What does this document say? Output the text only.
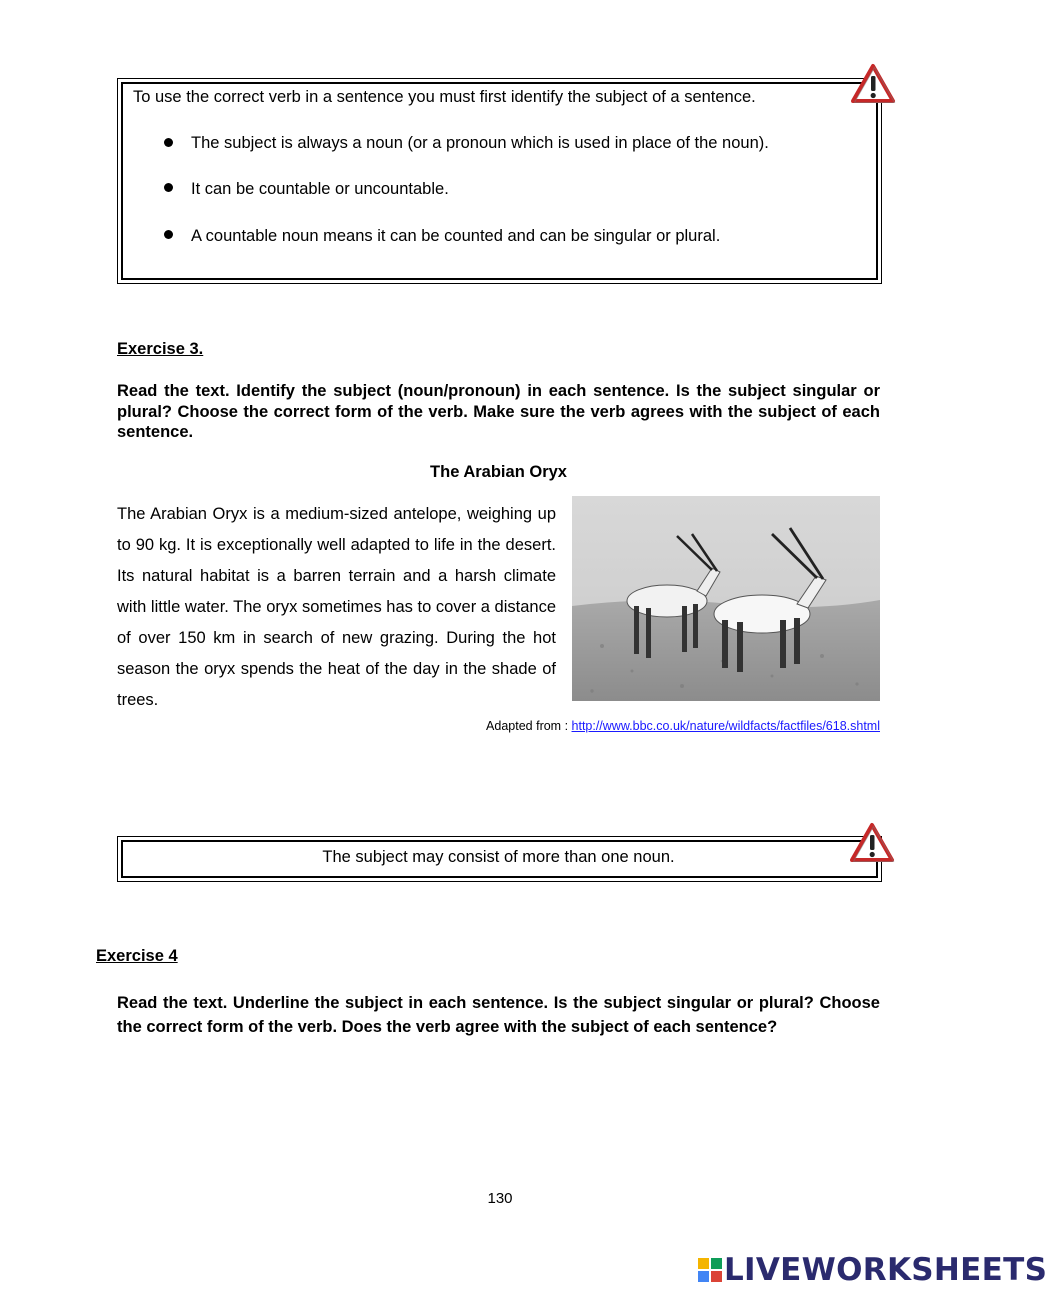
To use the correct verb in a sentence you must first identify the subject of a sentence.
The subject is always a noun (or a pronoun which is used in place of the noun).
It can be countable or uncountable.
A countable noun means it can be counted and can be singular or plural.
Exercise 3.
Read the text. Identify the subject (noun/pronoun) in each sentence. Is the subject singular or plural? Choose the correct form of the verb. Make sure the verb agrees with the subject of each sentence.
The Arabian Oryx
The Arabian Oryx is a medium-sized antelope, weighing up to 90 kg. It is exceptionally well adapted to life in the desert. Its natural habitat is a barren terrain and a harsh climate with little water. The oryx sometimes has to cover a distance of over 150 km in search of new grazing. During the hot season the oryx spends the heat of the day in the shade of trees.
Adapted from : http://www.bbc.co.uk/nature/wildfacts/factfiles/618.shtml
The subject may consist of more than one noun.
Exercise 4
Read the text. Underline the subject in each sentence. Is the subject singular or plural? Choose the correct form of the verb. Does the verb agree with the subject of each sentence?
130
LIVEWORKSHEETS
